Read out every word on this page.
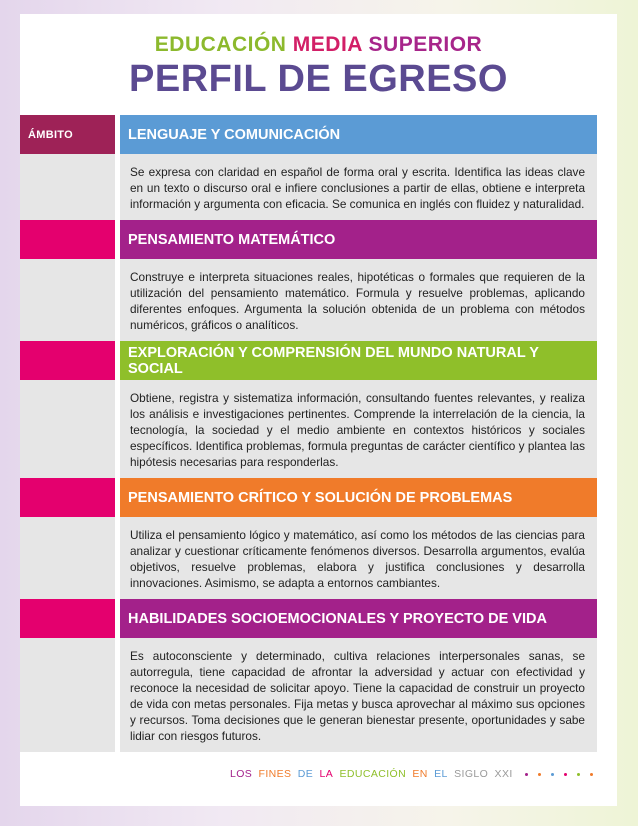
EDUCACIÓN MEDIA SUPERIOR
PERFIL DE EGRESO
ÁMBITO	LENGUAJE Y COMUNICACIÓN
Se expresa con claridad en español de forma oral y escrita. Identifica las ideas clave en un texto o discurso oral e infiere conclusiones a partir de ellas, obtiene e interpreta información y argumenta con eficacia. Se comunica en inglés con fluidez y naturalidad.
PENSAMIENTO MATEMÁTICO
Construye e interpreta situaciones reales, hipotéticas o formales que requieren de la utilización del pensamiento matemático. Formula y resuelve problemas, aplicando diferentes enfoques. Argumenta la solución obtenida de un problema con métodos numéricos, gráficos o analíticos.
EXPLORACIÓN Y COMPRENSIÓN DEL MUNDO NATURAL Y SOCIAL
Obtiene, registra y sistematiza información, consultando fuentes relevantes, y realiza los análisis e investigaciones pertinentes. Comprende la interrelación de la ciencia, la tecnología, la sociedad y el medio ambiente en contextos históricos y sociales específicos. Identifica problemas, formula preguntas de carácter científico y plantea las hipótesis necesarias para responderlas.
PENSAMIENTO CRÍTICO Y SOLUCIÓN DE PROBLEMAS
Utiliza el pensamiento lógico y matemático, así como los métodos de las ciencias para analizar y cuestionar críticamente fenómenos diversos. Desarrolla argumentos, evalúa objetivos, resuelve problemas, elabora y justifica conclusiones y desarrolla innovaciones. Asimismo, se adapta a entornos cambiantes.
HABILIDADES SOCIOEMOCIONALES Y PROYECTO DE VIDA
Es autoconsciente y determinado, cultiva relaciones interpersonales sanas, se autorregula, tiene capacidad de afrontar la adversidad y actuar con efectividad y reconoce la necesidad de solicitar apoyo. Tiene la capacidad de construir un proyecto de vida con metas personales. Fija metas y busca aprovechar al máximo sus opciones y recursos. Toma decisiones que le generan bienestar presente, oportunidades y sabe lidiar con riesgos futuros.
LOS FINES DE LA EDUCACIÓN EN EL SIGLO XXI
